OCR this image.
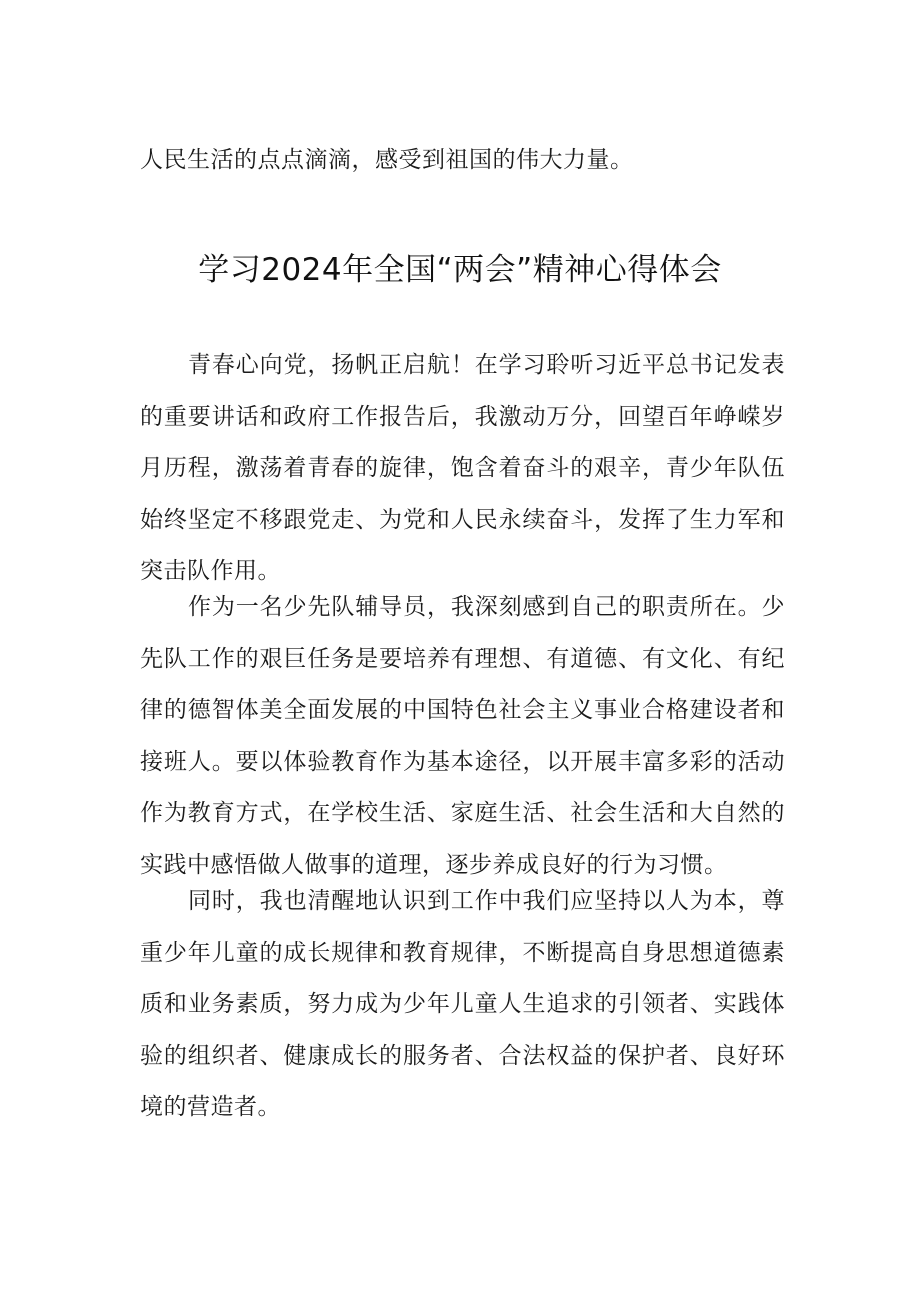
人民生活的点点滴滴，感受到祖国的伟大力量。

学习2024年全国“两会”精神心得体会

青春心向党，扬帆正启航！在学习聆听习近平总书记发表的重要讲话和政府工作报告后，我激动万分，回望百年峥嵘岁月历程，激荡着青春的旋律，饱含着奋斗的艰辛，青少年队伍始终坚定不移跟党走、为党和人民永续奋斗，发挥了生力军和突击队作用。

作为一名少先队辅导员，我深刻感到自己的职责所在。少先队工作的艰巨任务是要培养有理想、有道德、有文化、有纪律的德智体美全面发展的中国特色社会主义事业合格建设者和接班人。要以体验教育作为基本途径，以开展丰富多彩的活动作为教育方式，在学校生活、家庭生活、社会生活和大自然的实践中感悟做人做事的道理，逐步养成良好的行为习惯。

同时，我也清醒地认识到工作中我们应坚持以人为本，尊重少年儿童的成长规律和教育规律，不断提高自身思想道德素质和业务素质，努力成为少年儿童人生追求的引领者、实践体验的组织者、健康成长的服务者、合法权益的保护者、良好环境的营造者。
